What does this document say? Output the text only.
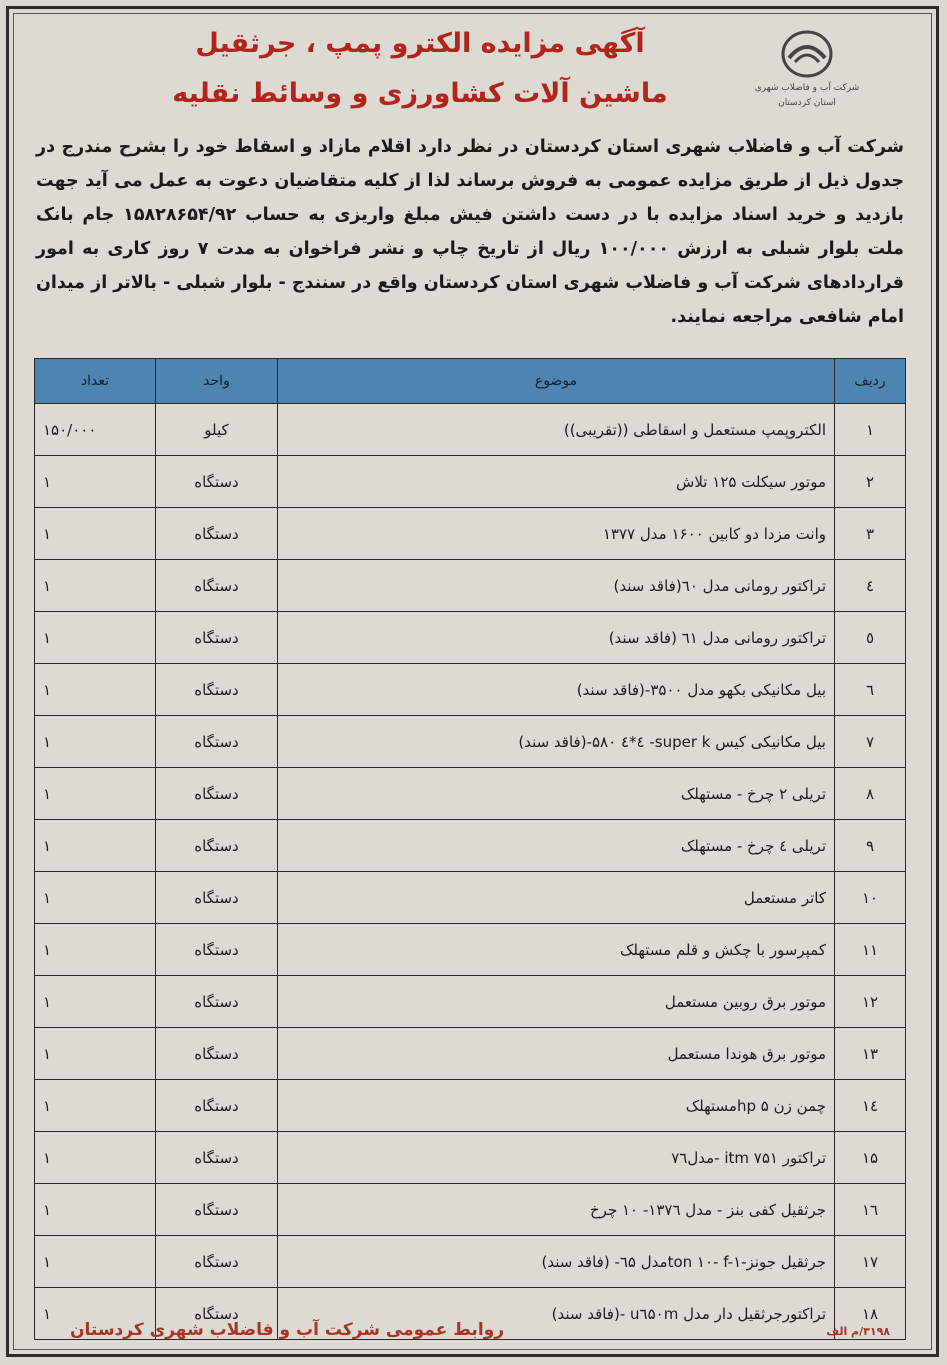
شرکت آب و فاضلاب شهری
استان کردستان
آگهی مزایده الکترو پمپ ، جرثقیل
ماشین آلات کشاورزی و وسائط نقلیه
شرکت آب و فاضلاب شهری استان کردستان در نظر دارد اقلام مازاد و اسقاط خود را بشرح مندرج در جدول ذیل از طریق مزایده عمومی به فروش برساند لذا از کلیه متقاضیان دعوت به عمل می آید جهت بازدید و خرید اسناد مزایده با در دست داشتن فیش مبلغ واریزی به حساب ۱۵۸۲۸۶۵۴/۹۲ جام بانک ملت بلوار شبلی به ارزش ۱۰۰/۰۰۰ ریال از تاریخ چاپ و نشر فراخوان به مدت ۷ روز کاری به امور قراردادهای شرکت آب و فاضلاب شهری استان کردستان واقع در سنندج - بلوار شبلی - بالاتر از میدان امام شافعی مراجعه نمایند.
ردیف	موضوع	واحد	تعداد
۱	الکتروپمپ مستعمل و اسقاطی ((تقریبی))	کیلو	۱۵۰/۰۰۰
۲	موتور سیکلت ۱۲۵ تلاش	دستگاه	۱
۳	وانت مزدا دو کابین ۱۶۰۰ مدل ۱۳۷۷	دستگاه	۱
٤	تراکتور رومانی مدل ٦٠(فاقد سند)	دستگاه	۱
٥	تراکتور رومانی مدل ٦١ (فاقد سند)	دستگاه	۱
٦	بیل مکانیکی بکهو مدل ۳۵۰۰-(فاقد سند)	دستگاه	۱
۷	بیل مکانیکی کیس super k- ٤*٤ ۵۸۰-(فاقد سند)	دستگاه	۱
۸	تریلی ۲ چرخ - مستهلک	دستگاه	۱
۹	تریلی ٤ چرخ - مستهلک	دستگاه	۱
۱۰	کاتر مستعمل	دستگاه	۱
۱۱	کمپرسور با چکش و قلم مستهلک	دستگاه	۱
۱۲	موتور برق روبین مستعمل	دستگاه	۱
۱۳	موتور برق هوندا مستعمل	دستگاه	۱
۱٤	چمن زن hp ۵مستهلک	دستگاه	۱
۱۵	تراکتور itm ۷۵۱ -مدل۷٦	دستگاه	۱
۱٦	جرثقیل کفی بنز - مدل ۱۳۷٦- ۱۰ چرخ	دستگاه	۱
۱۷	جرثقیل جونز-ton ۱۰- f-۱مدل ٦۵- (فاقد سند)	دستگاه	۱
۱۸	تراکتورجرثقیل دار مدل u٦۵۰m -(فاقد سند)	دستگاه	۱
۳۱۹۸/م الف
روابط عمومی شرکت آب و فاضلاب شهری کردستان
